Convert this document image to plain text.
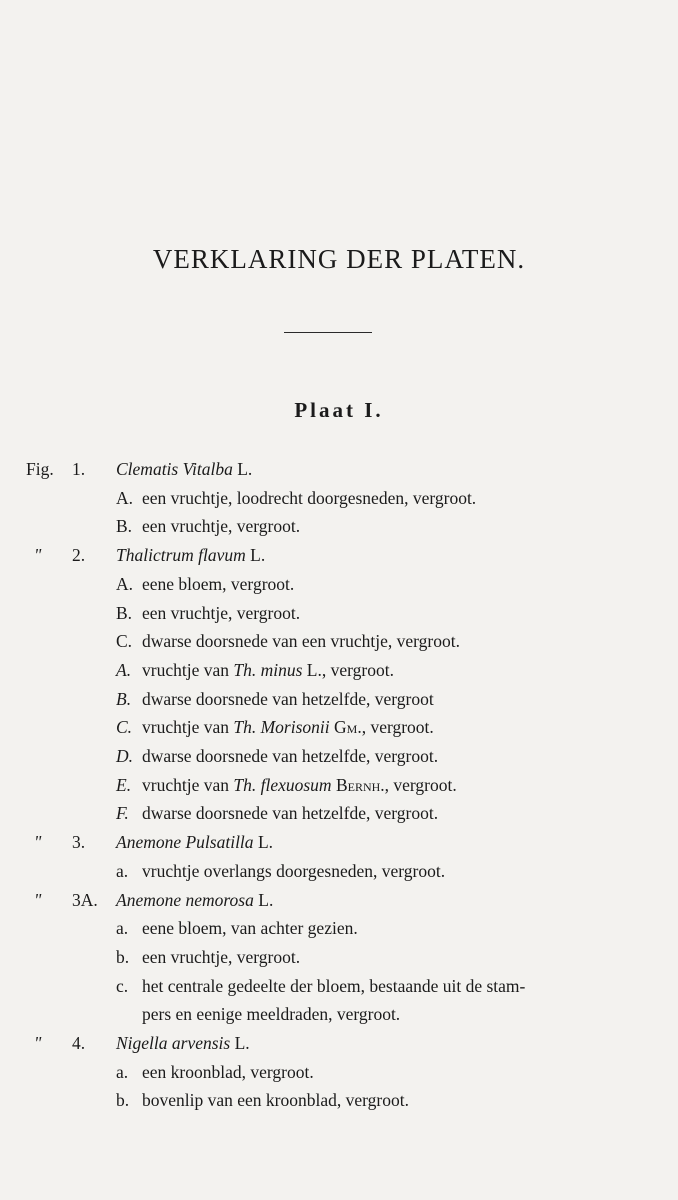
VERKLARING DER PLATEN.
Plaat I.
Fig. 1. Clematis Vitalba L.
A. een vruchtje, loodrecht doorgesneden, vergroot.
B. een vruchtje, vergroot.
" 2. Thalictrum flavum L.
A. eene bloem, vergroot.
B. een vruchtje, vergroot.
C. dwarse doorsnede van een vruchtje, vergroot.
A. vruchtje van Th. minus L., vergroot.
B. dwarse doorsnede van hetzelfde, vergroot
C. vruchtje van Th. Morisonii Gm., vergroot.
D. dwarse doorsnede van hetzelfde, vergroot.
E. vruchtje van Th. flexuosum Bernh., vergroot.
F. dwarse doorsnede van hetzelfde, vergroot.
" 3. Anemone Pulsatilla L.
a. vruchtje overlangs doorgesneden, vergroot.
" 3A. Anemone nemorosa L.
a. eene bloem, van achter gezien.
b. een vruchtje, vergroot.
c. het centrale gedeelte der bloem, bestaande uit de stam-
pers en eenige meeldraden, vergroot.
" 4. Nigella arvensis L.
a. een kroonblad, vergroot.
b. bovenlip van een kroonblad, vergroot.
